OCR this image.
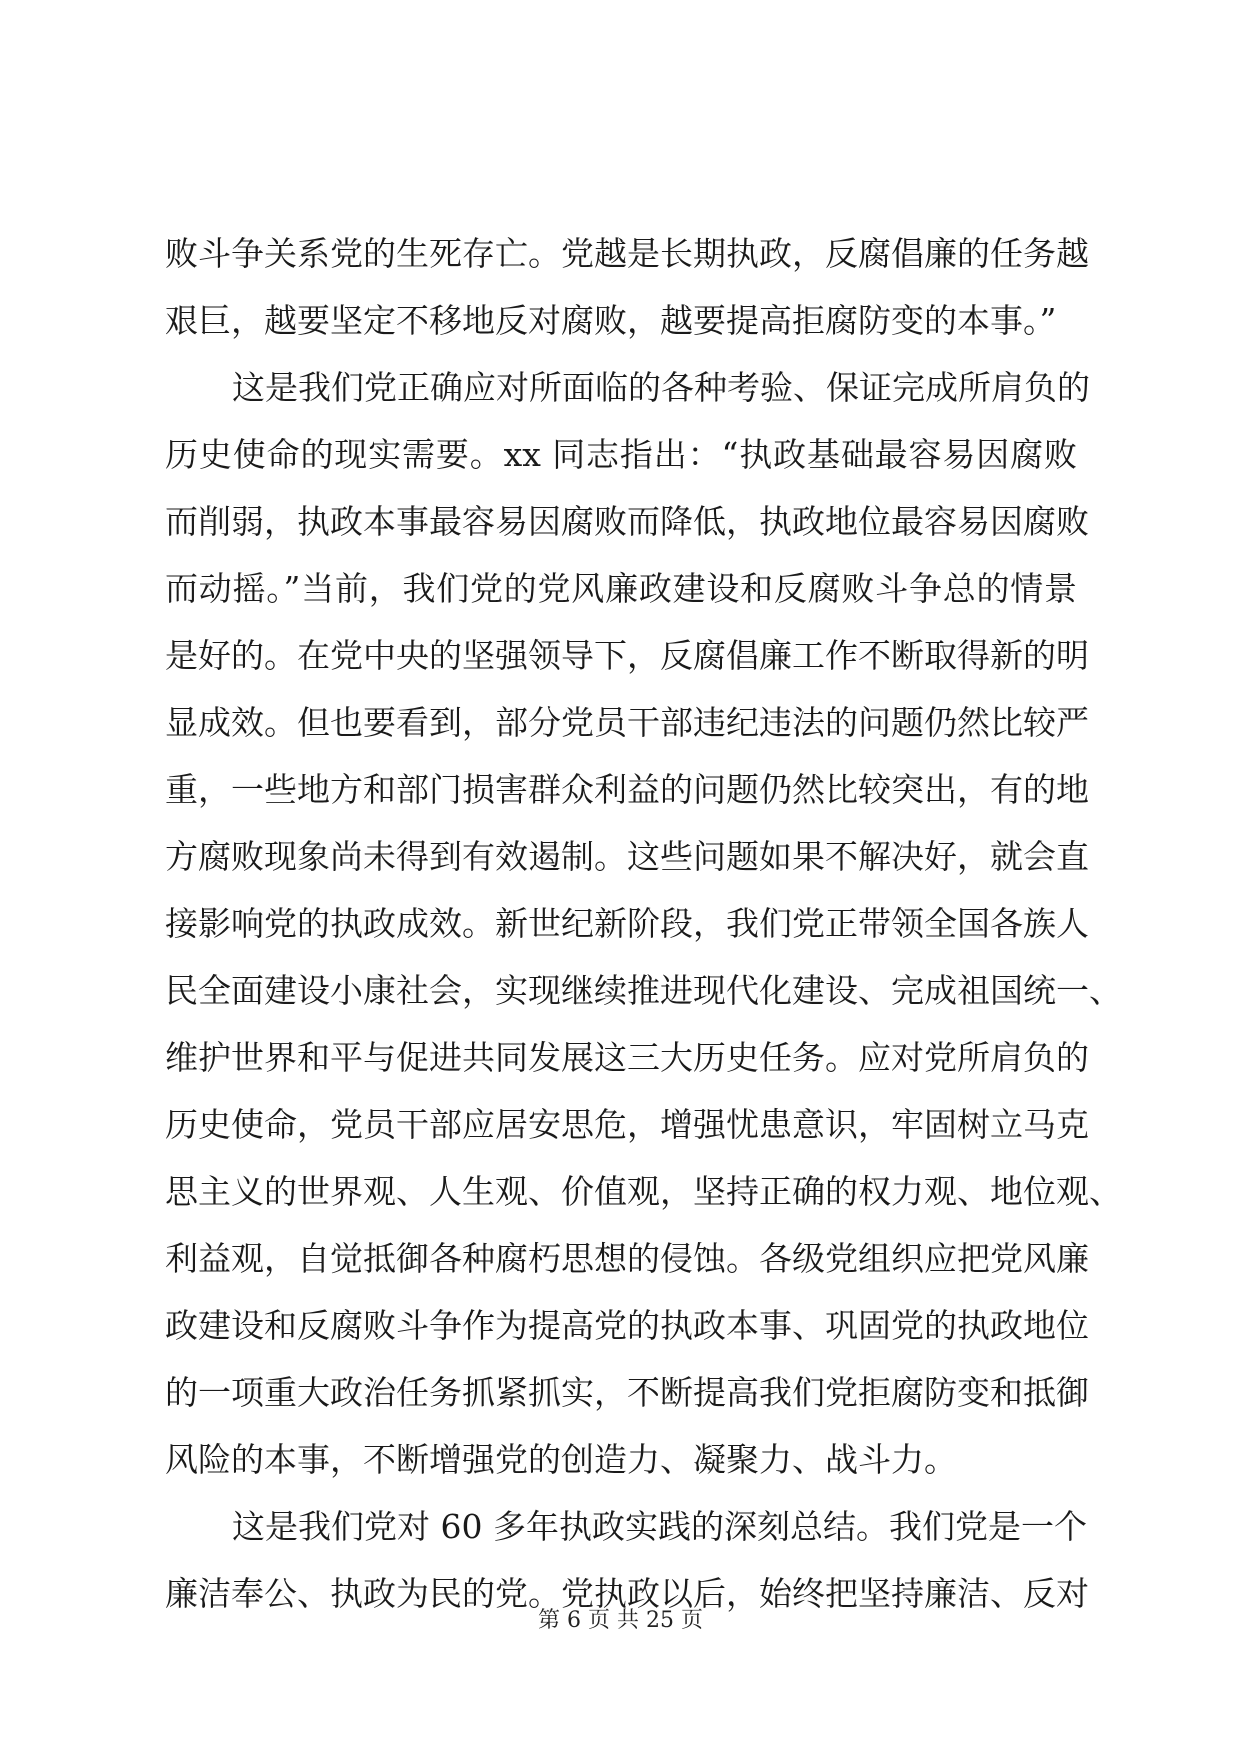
败斗争关系党的生死存亡。党越是长期执政，反腐倡廉的任务越
艰巨，越要坚定不移地反对腐败，越要提高拒腐防变的本事。”
这是我们党正确应对所面临的各种考验、保证完成所肩负的
历史使命的现实需要。xx 同志指出：“执政基础最容易因腐败
而削弱，执政本事最容易因腐败而降低，执政地位最容易因腐败
而动摇。”当前，我们党的党风廉政建设和反腐败斗争总的情景
是好的。在党中央的坚强领导下，反腐倡廉工作不断取得新的明
显成效。但也要看到，部分党员干部违纪违法的问题仍然比较严
重，一些地方和部门损害群众利益的问题仍然比较突出，有的地
方腐败现象尚未得到有效遏制。这些问题如果不解决好，就会直
接影响党的执政成效。新世纪新阶段，我们党正带领全国各族人
民全面建设小康社会，实现继续推进现代化建设、完成祖国统一、
维护世界和平与促进共同发展这三大历史任务。应对党所肩负的
历史使命，党员干部应居安思危，增强忧患意识，牢固树立马克
思主义的世界观、人生观、价值观，坚持正确的权力观、地位观、
利益观，自觉抵御各种腐朽思想的侵蚀。各级党组织应把党风廉
政建设和反腐败斗争作为提高党的执政本事、巩固党的执政地位
的一项重大政治任务抓紧抓实，不断提高我们党拒腐防变和抵御
风险的本事，不断增强党的创造力、凝聚力、战斗力。
这是我们党对 60 多年执政实践的深刻总结。我们党是一个
廉洁奉公、执政为民的党。党执政以后，始终把坚持廉洁、反对
第 6 页 共 25 页
